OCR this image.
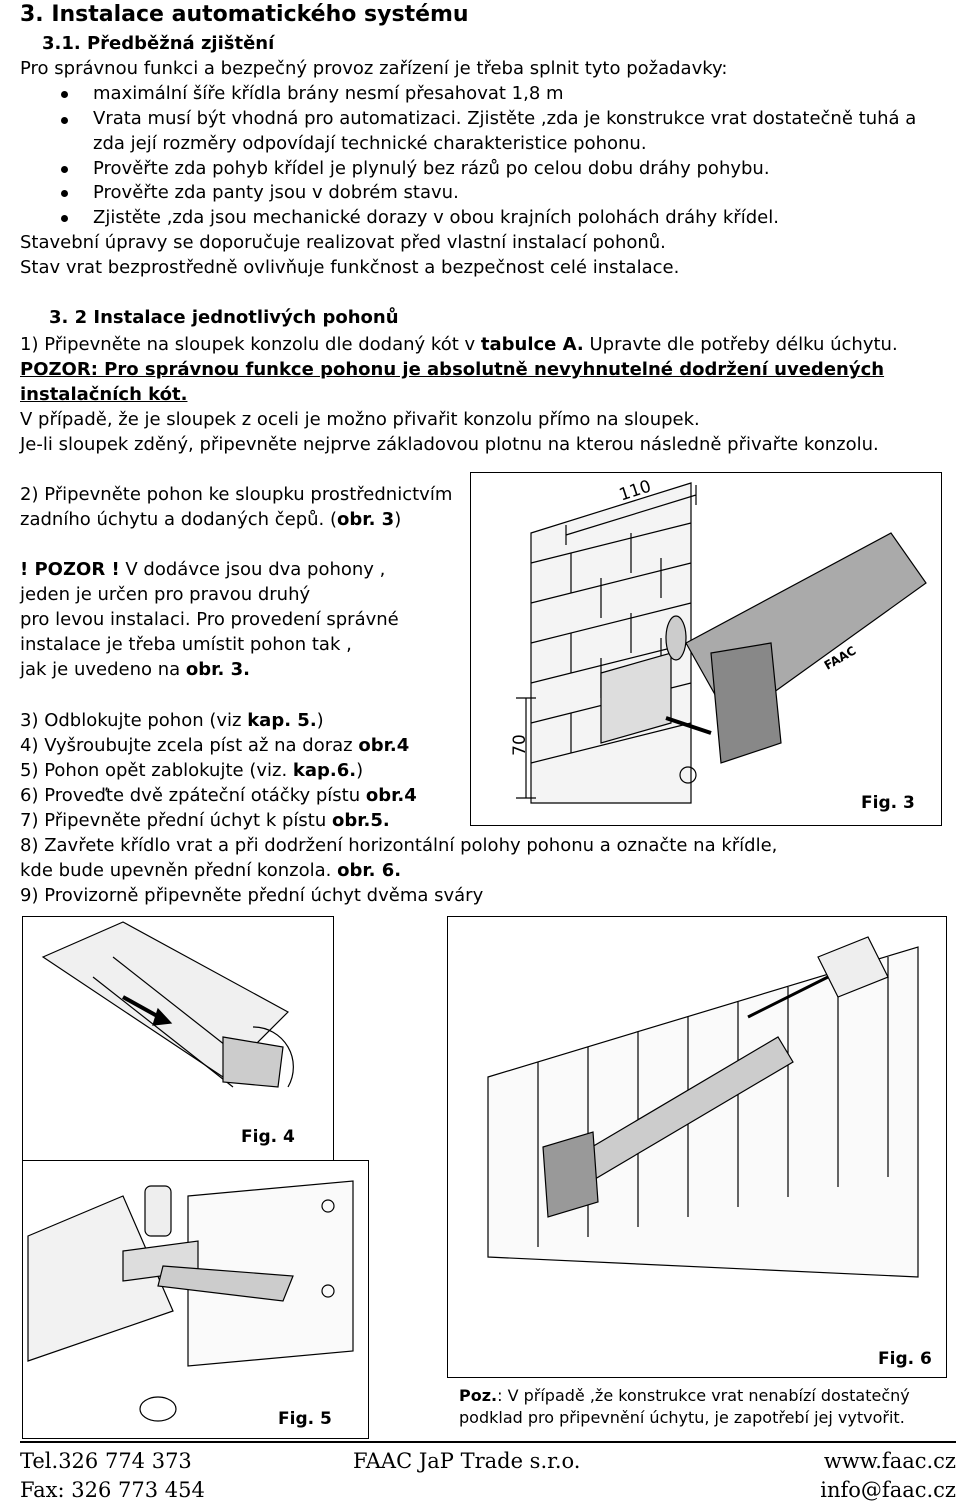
3. Instalace automatického systému
3.1. Předběžná zjištění
Pro správnou funkci a bezpečný provoz zařízení je třeba splnit tyto požadavky:
maximální šíře křídla brány nesmí přesahovat 1,8 m
Vrata musí být vhodná pro automatizaci. Zjistěte ,zda je konstrukce vrat dostatečně tuhá a
zda její rozměry odpovídají technické charakteristice pohonu.
Prověřte zda pohyb křídel je plynulý bez rázů po celou dobu dráhy pohybu.
Prověřte zda panty jsou v dobrém stavu.
Zjistěte ,zda jsou mechanické dorazy v obou krajních polohách dráhy křídel.
Stavební úpravy se doporučuje realizovat před vlastní instalací pohonů.
Stav vrat bezprostředně ovlivňuje funkčnost a bezpečnost celé instalace.
3. 2 Instalace jednotlivých pohonů
1) Připevněte na sloupek konzolu dle dodaný kót v tabulce A. Upravte dle potřeby délku úchytu.
POZOR: Pro správnou funkce pohonu je absolutně nevyhnutelné dodržení uvedených
instalačních kót.
V případě, že je sloupek z oceli je možno přivařit konzolu přímo na sloupek.
Je-li sloupek zděný, připevněte nejprve základovou plotnu na kterou následně přivařte konzolu.
2) Připevněte pohon ke sloupku prostřednictvím
zadního úchytu a dodaných čepů. (obr. 3)
! POZOR ! V dodávce jsou dva pohony ,
jeden je určen pro pravou druhý
pro levou instalaci. Pro provedení správné
instalace je třeba umístit pohon tak ,
jak je uvedeno na obr. 3.
3) Odblokujte pohon (viz kap. 5.)
4) Vyšroubujte zcela píst až na doraz obr.4
5) Pohon opět zablokujte (viz. kap.6.)
6) Proveďte dvě zpáteční otáčky pístu obr.4
7) Připevněte přední úchyt k pístu obr.5.
8) Zavřete křídlo vrat a při dodržení horizontální polohy pohonu a označte na křídle,
kde bude upevněn přední konzola. obr. 6.
9) Provizorně připevněte přední úchyt dvěma sváry
110
70
FAAC
Fig. 3
Fig. 4
Fig. 5
Fig. 6
Poz.: V případě ,že konstrukce vrat nenabízí dostatečný
podklad pro připevnění úchytu, je zapotřebí jej vytvořit.
Tel.326 774 373
Fax: 326 773 454
FAAC JaP Trade s.r.o.	www.faac.cz
info@faac.cz
